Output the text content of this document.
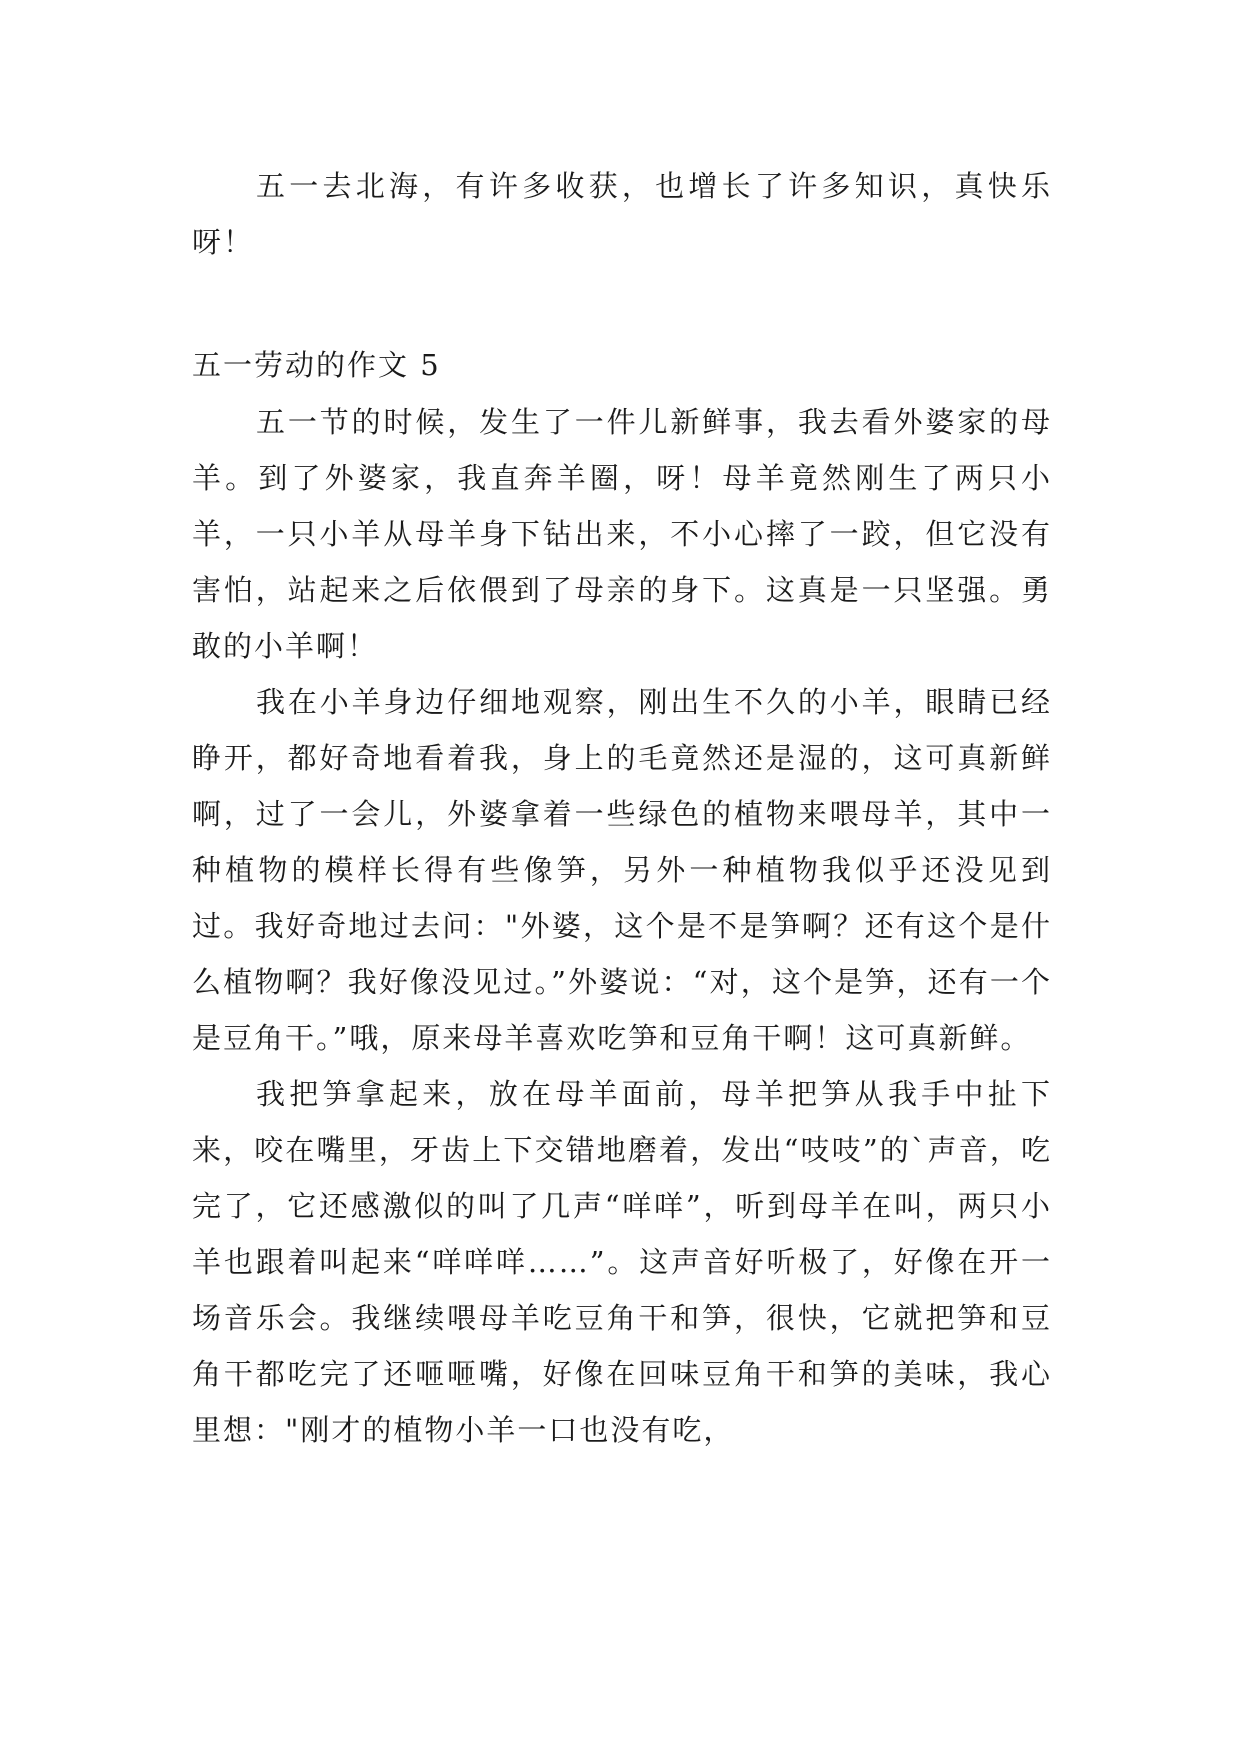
五一去北海，有许多收获，也增长了许多知识，真快乐呀！

五一劳动的作文 5

五一节的时候，发生了一件儿新鲜事，我去看外婆家的母羊。到了外婆家，我直奔羊圈，呀！母羊竟然刚生了两只小羊，一只小羊从母羊身下钻出来，不小心摔了一跤，但它没有害怕，站起来之后依偎到了母亲的身下。这真是一只坚强。勇敢的小羊啊！

我在小羊身边仔细地观察，刚出生不久的小羊，眼睛已经睁开，都好奇地看着我，身上的毛竟然还是湿的，这可真新鲜啊，过了一会儿，外婆拿着一些绿色的植物来喂母羊，其中一种植物的模样长得有些像笋，另外一种植物我似乎还没见到过。我好奇地过去问："外婆，这个是不是笋啊？还有这个是什么植物啊？我好像没见过。”外婆说：“对，这个是笋，还有一个是豆角干。”哦，原来母羊喜欢吃笋和豆角干啊！这可真新鲜。

我把笋拿起来，放在母羊面前，母羊把笋从我手中扯下来，咬在嘴里，牙齿上下交错地磨着，发出“吱吱”的`声音，吃完了，它还感激似的叫了几声“咩咩”，听到母羊在叫，两只小羊也跟着叫起来“咩咩咩……”。这声音好听极了，好像在开一场音乐会。我继续喂母羊吃豆角干和笋，很快，它就把笋和豆角干都吃完了还咂咂嘴，好像在回味豆角干和笋的美味，我心里想："刚才的植物小羊一口也没有吃，
